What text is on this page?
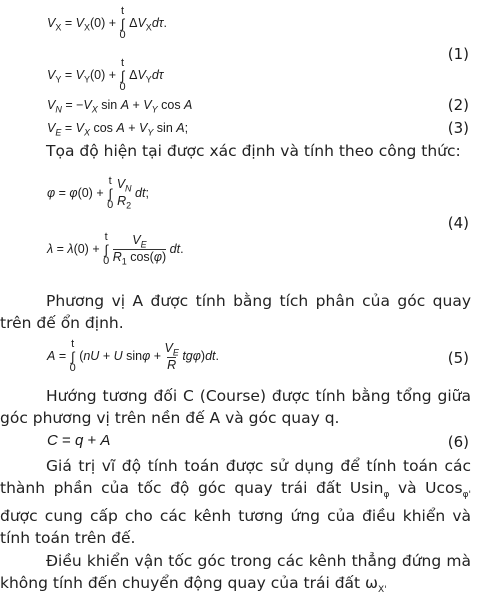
$V_X = V_X(0) + t$
∫
0 $\Delta V_Xd\tau$.
$V_Y = V_Y(0) + t$
∫
0 $\Delta V_Yd\tau$
(1)
$V_N = -V_X$ $\sin A + V_Y$ cos A	(2)
$V_E = V_X$ $\cos A + V_Y$ sin A;	(3)
Tọa độ hiện tại được xác định và tính theo công thức:
φ = φ(0) + t
∫
0 $V_N$
$R_2$ dt;
(4)
λ = λ(0) + t
∫
$0 \frac{V_E}{R_1 \cos(\varphi)}$ dt.
Phương vị A được tính bằng tích phân của góc quay trên đế ổn định.
A = t
∫
0 (nU + U $\sin\varphi + \frac{V_E}{R} tg\varphi)dt$.	(5)
Hướng tương đối C (Course) được tính bằng tổng giữa góc phương vị trên nền đế A và góc quay q.
C = q + A	(6)
Giá trị vĩ độ tính toán được sử dụng để tính toán các thành phần của tốc độ góc quay trái đất Usin$_\varphi$ và Ucos$_{\varphi'}$ được cung cấp cho các kênh tương ứng của điều khiển và tính toán trên đế.
Điều khiển vận tốc góc trong các kênh thẳng đứng mà không tính đến chuyển động quay của trái đất $\omega_{X'}$
